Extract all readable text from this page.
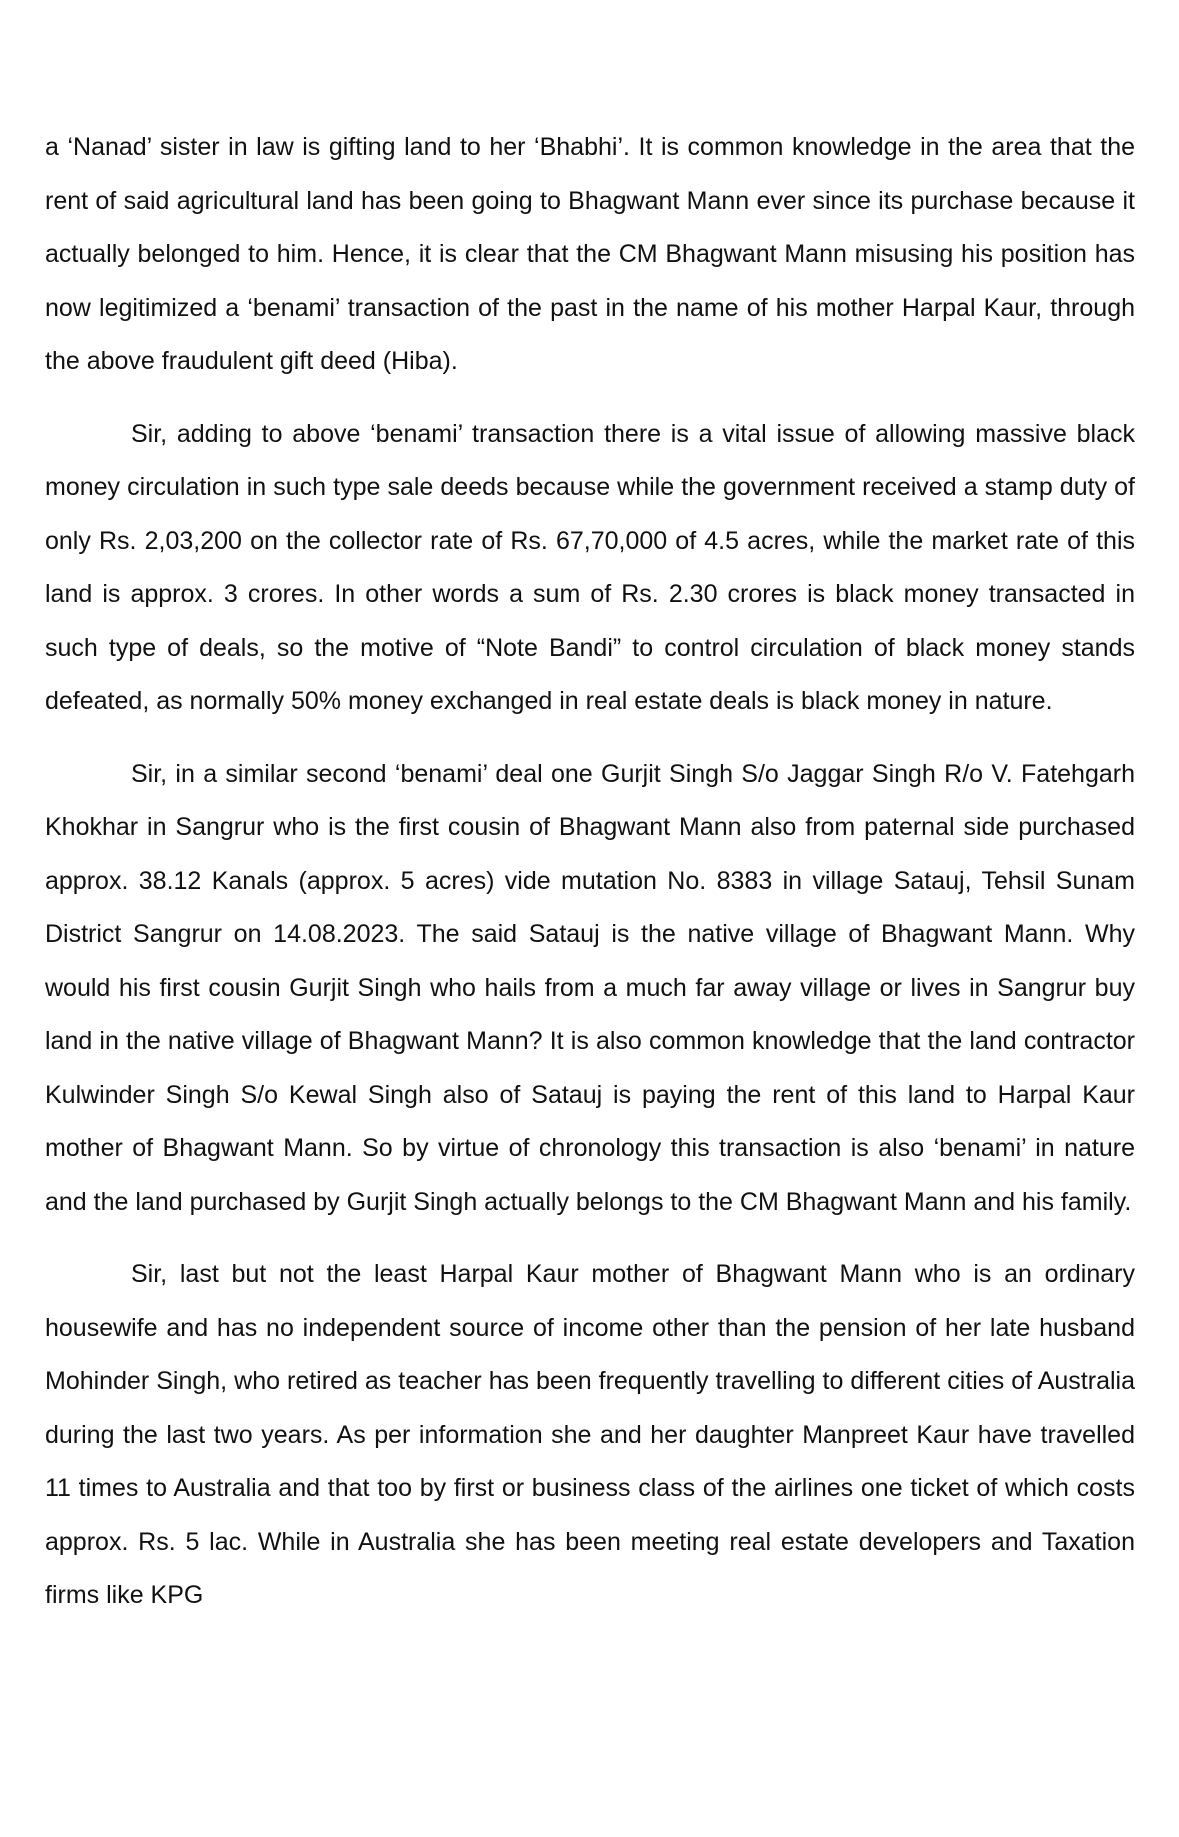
a ‘Nanad’ sister in law is gifting land to her ‘Bhabhi’. It is common knowledge in the area that the rent of said agricultural land has been going to Bhagwant Mann ever since its purchase because it actually belonged to him. Hence, it is clear that the CM Bhagwant Mann misusing his position has now legitimized a ‘benami’ transaction of the past in the name of his mother Harpal Kaur, through the above fraudulent gift deed (Hiba).

Sir, adding to above ‘benami’ transaction there is a vital issue of allowing massive black money circulation in such type sale deeds because while the government received a stamp duty of only Rs. 2,03,200 on the collector rate of Rs. 67,70,000 of 4.5 acres, while the market rate of this land is approx. 3 crores. In other words a sum of Rs. 2.30 crores is black money transacted in such type of deals, so the motive of “Note Bandi” to control circulation of black money stands defeated, as normally 50% money exchanged in real estate deals is black money in nature.

Sir, in a similar second ‘benami’ deal one Gurjit Singh S/o Jaggar Singh R/o V. Fatehgarh Khokhar in Sangrur who is the first cousin of Bhagwant Mann also from paternal side purchased approx. 38.12 Kanals (approx. 5 acres) vide mutation No. 8383 in village Satauj, Tehsil Sunam District Sangrur on 14.08.2023. The said Satauj is the native village of Bhagwant Mann. Why would his first cousin Gurjit Singh who hails from a much far away village or lives in Sangrur buy land in the native village of Bhagwant Mann? It is also common knowledge that the land contractor Kulwinder Singh S/o Kewal Singh also of Satauj is paying the rent of this land to Harpal Kaur mother of Bhagwant Mann. So by virtue of chronology this transaction is also ‘benami’ in nature and the land purchased by Gurjit Singh actually belongs to the CM Bhagwant Mann and his family.

Sir, last but not the least Harpal Kaur mother of Bhagwant Mann who is an ordinary housewife and has no independent source of income other than the pension of her late husband Mohinder Singh, who retired as teacher has been frequently travelling to different cities of Australia during the last two years. As per information she and her daughter Manpreet Kaur have travelled 11 times to Australia and that too by first or business class of the airlines one ticket of which costs approx. Rs. 5 lac. While in Australia she has been meeting real estate developers and Taxation firms like KPG
